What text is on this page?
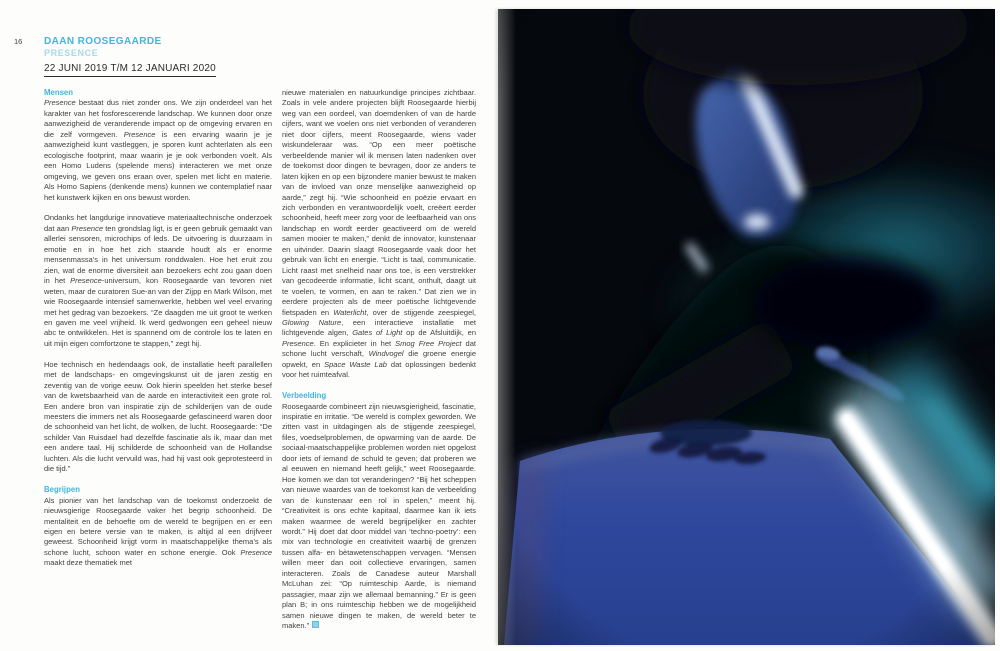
16 DAAN ROOSEGAARDE
PRESENCE
22 JUNI 2019 T/M 12 JANUARI 2020
Mensen

Presence bestaat dus niet zonder ons. We zijn onderdeel van het karakter van het fosforescerende landschap. We kunnen door onze aanwezigheid de veranderende impact op de omgeving ervaren en die zelf vormgeven. Presence is een ervaring waarin je je aanwezigheid kunt vastleggen, je sporen kunt achterlaten als een ecologische footprint, maar waarin je je ook verbonden voelt. Als een Homo Ludens (spelende mens) interacteren we met onze omgeving, we geven ons eraan over, spelen met licht en materie. Als Homo Sapiens (denkende mens) kunnen we contemplatief naar het kunstwerk kijken en ons bewust worden.

Ondanks het langdurige innovatieve materiaaltechnische onderzoek dat aan Presence ten grondslag ligt, is er geen gebruik gemaakt van allerlei sensoren, microchips of leds. De uitvoering is duurzaam in emotie en in hoe het zich staande houdt als er enorme mensenmassa’s in het universum ronddwalen. Hoe het eruit zou zien, wat de enorme diversiteit aan bezoekers echt zou gaan doen in het Presence-universum, kon Roosegaarde van tevoren niet weten, maar de curatoren Sue-an van der Zijpp en Mark Wilson, met wie Roosegaarde intensief samenwerkte, hebben wel veel ervaring met het gedrag van bezoekers. “Ze daagden me uit groot te werken en gaven me veel vrijheid. Ik werd gedwongen een geheel nieuw abc te ontwikkelen. Het is spannend om de controle los te laten en uit mijn eigen comfortzone te stappen,” zegt hij.

Hoe technisch en hedendaags ook, de installatie heeft parallellen met de landschaps- en omgevingskunst uit de jaren zestig en zeventig van de vorige eeuw. Ook hierin speelden het sterke besef van de kwetsbaarheid van de aarde en interactiviteit een grote rol. Een andere bron van inspiratie zijn de schilderijen van de oude meesters die immers net als Roosegaarde gefascineerd waren door de schoonheid van het licht, de wolken, de lucht. Roosegaarde: “De schilder Van Ruisdael had dezelfde fascinatie als ik, maar dan met een andere taal. Hij schilderde de schoonheid van de Hollandse luchten. Als die lucht vervuild was, had hij vast ook geprotesteerd in die tijd.”

Begrijpen

Als pionier van het landschap van de toekomst onderzoekt de nieuwsgierige Roosegaarde vaker het begrip schoonheid. De mentaliteit en de behoefte om de wereld te begrijpen en er een eigen en betere versie van te maken, is altijd al een drijfveer geweest. Schoonheid krijgt vorm in maatschappelijke thema’s als schone lucht, schoon water en schone energie. Ook Presence maakt deze thematiek met

nieuwe materialen en natuurkundige principes zichtbaar. Zoals in vele andere projecten blijft Roosegaarde hierbij weg van een oordeel, van doemdenken of van de harde cijfers, want we voelen ons niet verbonden of veranderen niet door cijfers, meent Roosegaarde, wiens vader wiskundeleraar was. “Op een meer poëtische verbeeldende manier wil ik mensen laten nadenken over de toekomst door dingen te bevragen, door ze anders te laten kijken en op een bijzondere manier bewust te maken van de invloed van onze menselijke aanwezigheid op aarde,” zegt hij. “Wie schoonheid en poëzie ervaart en zich verbonden en verantwoordelijk voelt, creëert eerder schoonheid, heeft meer zorg voor de leefbaarheid van ons landschap en wordt eerder geactiveerd om de wereld samen mooier te maken,” denkt de innovator, kunstenaar en uitvinder. Daarin slaagt Roosegaarde vaak door het gebruik van licht en energie. “Licht is taal, communicatie. Licht raast met snelheid naar ons toe, is een verstrekker van gecodeerde informatie, licht scant, onthult, daagt uit te voelen, te vormen, en aan te raken.” Dat zien we in eerdere projecten als de meer poëtische lichtgevende fietspaden en Waterlicht, over de stijgende zeespiegel, Glowing Nature, een interactieve installatie met lichtgevende algen, Gates of Light op de Afsluitdijk, en Presence. En explicieter in het Smog Free Project dat schone lucht verschaft, Windvogel die groene energie opwekt, en Space Waste Lab dat oplossingen bedenkt voor het ruimteafval.

Verbeelding

Roosegaarde combineert zijn nieuwsgierigheid, fascinatie, inspiratie en irritatie. “De wereld is complex geworden. We zitten vast in uitdagingen als de stijgende zeespiegel, files, voedselproblemen, de opwarming van de aarde. De sociaal-maatschappelijke problemen worden niet opgelost door iets of iemand de schuld te geven; dat proberen we al eeuwen en niemand heeft gelijk,” weet Roosegaarde. Hoe komen we dan tot veranderingen? “Bij het scheppen van nieuwe waardes van de toekomst kan de verbeelding van de kunstenaar een rol in spelen,” meent hij. “Creativiteit is ons echte kapitaal, daarmee kan ik iets maken waarmee de wereld begrijpelijker en zachter wordt.” Hij doet dat door middel van ‘techno-poetry’: een mix van technologie en creativiteit waarbij de grenzen tussen alfa- en bètawetenschappen vervagen. “Mensen willen meer dan ooit collectieve ervaringen, samen interacteren. Zoals de Canadese auteur Marshall McLuhan zei: “Op ruimteschip Aarde, is niemand passagier, maar zijn we allemaal bemanning.” Er is geen plan B; in ons ruimteschip hebben we de mogelijkheid samen nieuwe dingen te maken, de wereld beter te maken.”
